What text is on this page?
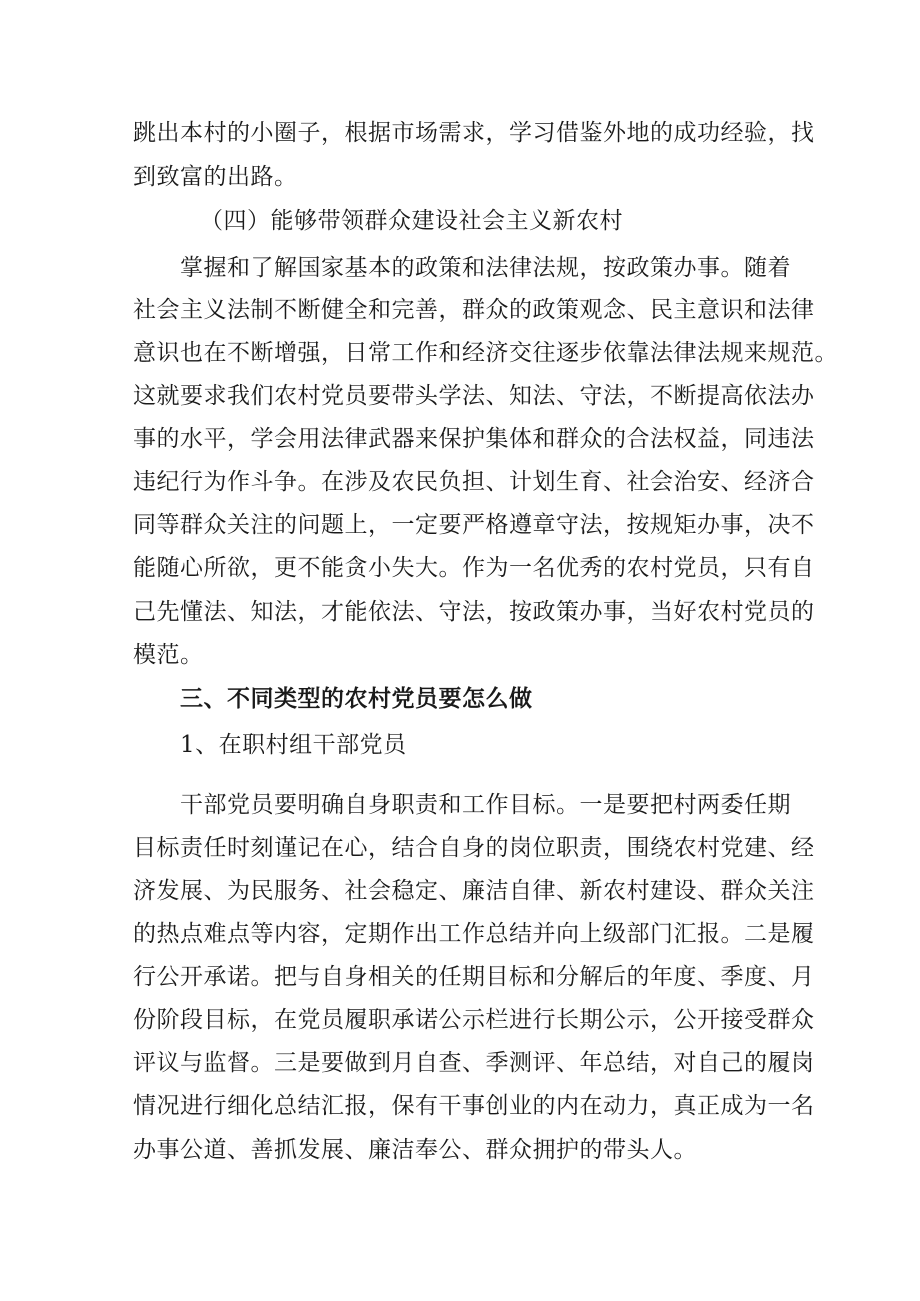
跳出本村的小圈子，根据市场需求，学习借鉴外地的成功经验，找
到致富的出路。
（四）能够带领群众建设社会主义新农村
掌握和了解国家基本的政策和法律法规，按政策办事。随着
社会主义法制不断健全和完善，群众的政策观念、民主意识和法律
意识也在不断增强，日常工作和经济交往逐步依靠法律法规来规范。
这就要求我们农村党员要带头学法、知法、守法，不断提高依法办
事的水平，学会用法律武器来保护集体和群众的合法权益，同违法
违纪行为作斗争。在涉及农民负担、计划生育、社会治安、经济合
同等群众关注的问题上，一定要严格遵章守法，按规矩办事，决不
能随心所欲，更不能贪小失大。作为一名优秀的农村党员，只有自
己先懂法、知法，才能依法、守法，按政策办事，当好农村党员的
模范。
三、不同类型的农村党员要怎么做
1、在职村组干部党员
干部党员要明确自身职责和工作目标。一是要把村两委任期
目标责任时刻谨记在心，结合自身的岗位职责，围绕农村党建、经
济发展、为民服务、社会稳定、廉洁自律、新农村建设、群众关注
的热点难点等内容，定期作出工作总结并向上级部门汇报。二是履
行公开承诺。把与自身相关的任期目标和分解后的年度、季度、月
份阶段目标，在党员履职承诺公示栏进行长期公示，公开接受群众
评议与监督。三是要做到月自查、季测评、年总结，对自己的履岗
情况进行细化总结汇报，保有干事创业的内在动力，真正成为一名
办事公道、善抓发展、廉洁奉公、群众拥护的带头人。
